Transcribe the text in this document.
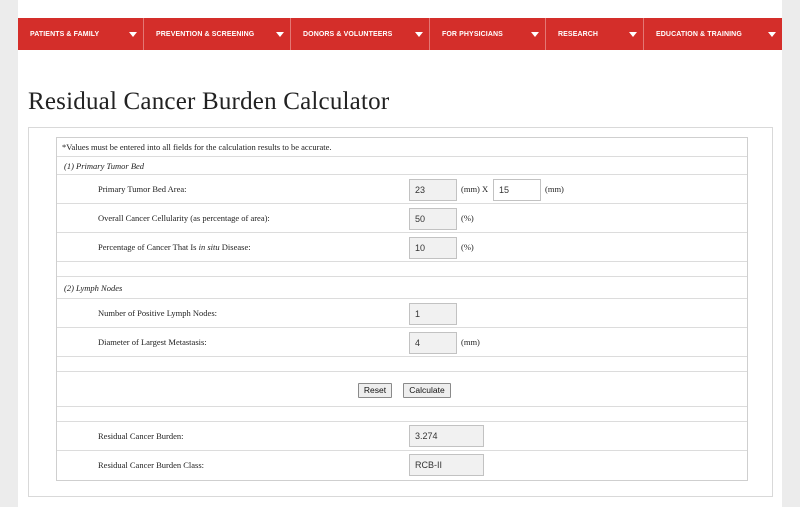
PATIENTS & FAMILY	PREVENTION & SCREENING	DONORS & VOLUNTEERS	FOR PHYSICIANS	RESEARCH	EDUCATION & TRAINING
Residual Cancer Burden Calculator
*Values must be entered into all fields for the calculation results to be accurate.
(1) Primary Tumor Bed
Primary Tumor Bed Area:	23	(mm) X	15	(mm)
Overall Cancer Cellularity (as percentage of area):	50	(%)
Percentage of Cancer That Is in situ Disease:	10	(%)
(2) Lymph Nodes
Number of Positive Lymph Nodes:	1
Diameter of Largest Metastasis:	4	(mm)
Reset	Calculate
Residual Cancer Burden:	3.274
Residual Cancer Burden Class:	RCB-II
